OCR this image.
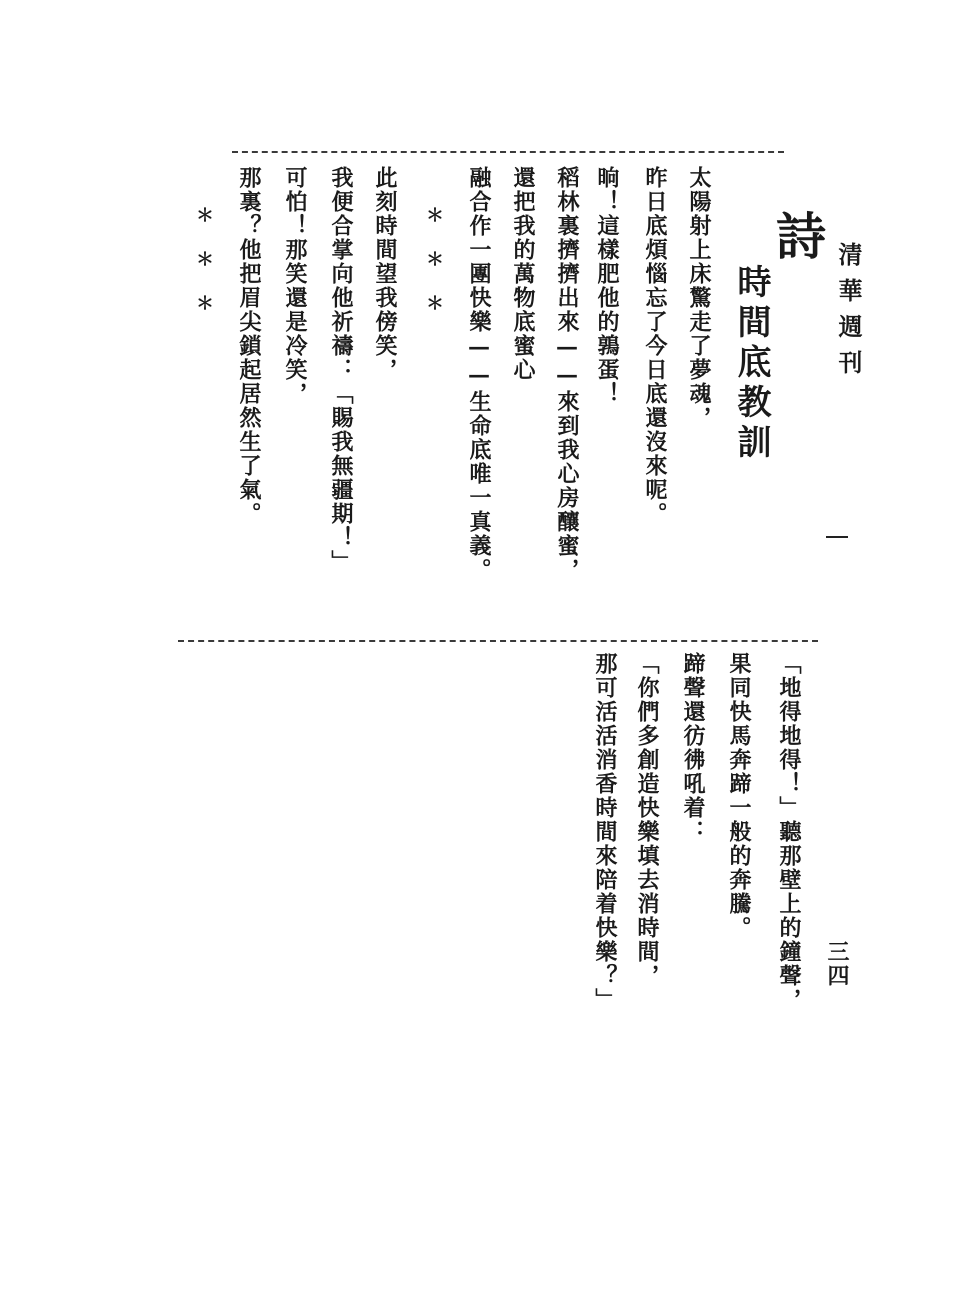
清華週刊
三四
詩
時間底教訓
太陽射上床驚走了夢魂，
昨日底煩惱忘了今日底還沒來呢。
晌！這樣肥他的鶉蛋！
稻林裏擠擠出來——來到我心房釀蜜，
還把我的萬物底蜜心
融合作一團快樂——生命底唯一真義。
＊＊＊
此刻時間望我傍笑，
我便合掌向他祈禱：「賜我無疆期！」
可怕！那笑還是冷笑，
那裏？他把眉尖鎖起居然生了氣。
＊＊＊
「地得地得！」聽那壁上的鐘聲，
果同快馬奔蹄一般的奔騰。
蹄聲還彷彿吼着：
「你們多創造快樂填去消時間，
那可活活消香時間來陪着快樂？」
